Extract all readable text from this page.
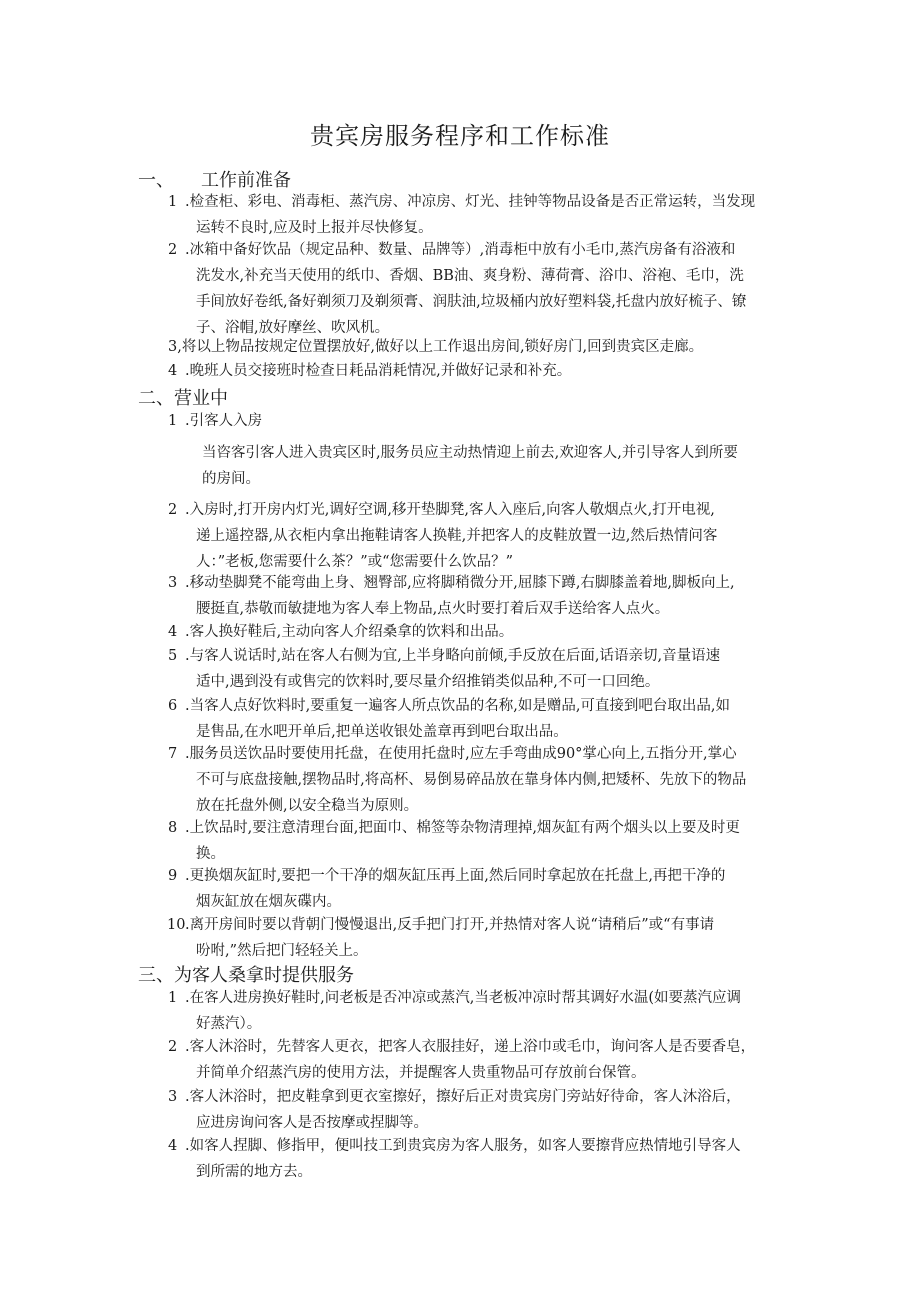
贵宾房服务程序和工作标准
一、　　工作前准备
1 .检查柜、彩电、消毒柜、蒸汽房、冲凉房、灯光、挂钟等物品设备是否正常运转，当发现
运转不良时,应及时上报并尽快修复。
2 .冰箱中备好饮品（规定品种、数量、品牌等）,消毒柜中放有小毛巾,蒸汽房备有浴液和
洗发水,补充当天使用的纸巾、香烟、BB油、爽身粉、薄荷膏、浴巾、浴袍、毛巾，洗
手间放好卷纸,备好剃须刀及剃须膏、润肤油,垃圾桶内放好塑料袋,托盘内放好梳子、镣
子、浴帽,放好摩丝、吹风机。
3,将以上物品按规定位置摆放好,做好以上工作退出房间,锁好房门,回到贵宾区走廊。
4 .晚班人员交接班时检查日耗品消耗情况,并做好记录和补充。
二、营业中
1 .引客人入房
当咨客引客人进入贵宾区时,服务员应主动热情迎上前去,欢迎客人,并引导客人到所要
的房间。
2 .入房时,打开房内灯光,调好空调,移开垫脚凳,客人入座后,向客人敬烟点火,打开电视,
递上遥控器,从衣柜内拿出拖鞋请客人换鞋,并把客人的皮鞋放置一边,然后热情问客
人：”老板,您需要什么茶？”或“您需要什么饮品？”
3 .移动垫脚凳不能弯曲上身、翘臀部,应将脚稍微分开,屈膝下蹲,右脚膝盖着地,脚板向上,
腰挺直,恭敬而敏捷地为客人奉上物品,点火时要打着后双手送给客人点火。
4 .客人换好鞋后,主动向客人介绍桑拿的饮料和出品。
5 .与客人说话时,站在客人右侧为宜,上半身略向前倾,手反放在后面,话语亲切,音量语速
适中,遇到没有或售完的饮料时,要尽量介绍推销类似品种,不可一口回绝。
6 .当客人点好饮料时,要重复一遍客人所点饮品的名称,如是赠品,可直接到吧台取出品,如
是售品,在水吧开单后,把单送收银处盖章再到吧台取出品。
7 .服务员送饮品时要使用托盘，在使用托盘时,应左手弯曲成90°掌心向上,五指分开,掌心
不可与底盘接触,摆物品时,将高杯、易倒易碎品放在靠身体内侧,把矮杯、先放下的物品
放在托盘外侧,以安全稳当为原则。
8 .上饮品时,要注意清理台面,把面巾、棉签等杂物清理掉,烟灰缸有两个烟头以上要及时更
换。
9 .更换烟灰缸时,要把一个干净的烟灰缸压再上面,然后同时拿起放在托盘上,再把干净的
烟灰缸放在烟灰碟内。
10 .离开房间时要以背朝门慢慢退出,反手把门打开,并热情对客人说“请稍后”或“有事请
吩咐,”然后把门轻轻关上。
三、为客人桑拿时提供服务
1 .在客人进房换好鞋时,问老板是否冲凉或蒸汽,当老板冲凉时帮其调好水温(如要蒸汽应调
好蒸汽）。
2 .客人沐浴时，先替客人更衣，把客人衣服挂好，递上浴巾或毛巾，询问客人是否要香皂，
并简单介绍蒸汽房的使用方法，并提醒客人贵重物品可存放前台保管。
3 .客人沐浴时，把皮鞋拿到更衣室擦好，擦好后正对贵宾房门旁站好待命，客人沐浴后，
应进房询问客人是否按摩或捏脚等。
4 .如客人捏脚、修指甲，便叫技工到贵宾房为客人服务，如客人要擦背应热情地引导客人
到所需的地方去。
